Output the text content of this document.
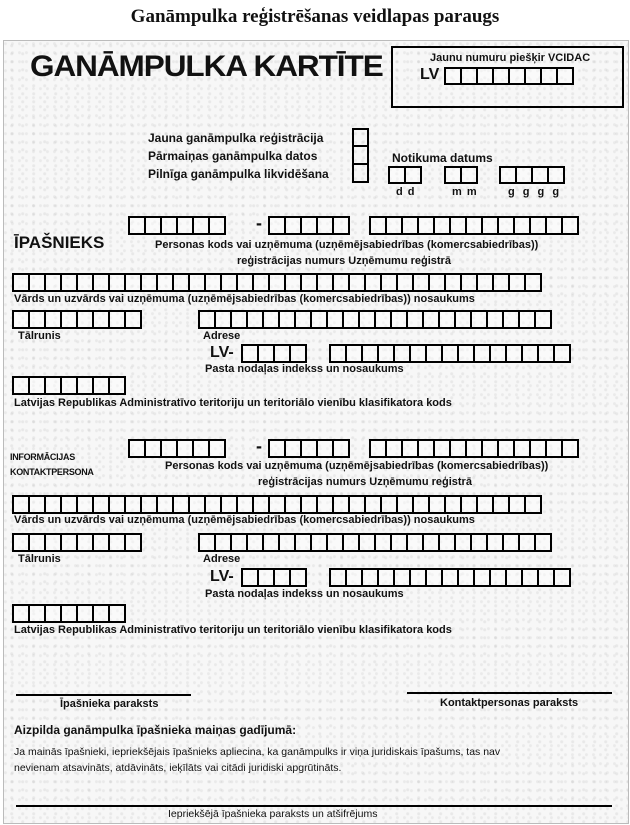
Ganāmpulka reģistrēšanas veidlapas paraugs
GANĀMPULKA KARTĪTE	Jaunu numuru piešķir VCIDAC
LV
Jauna ganāmpulka reģistrācija
Pārmaiņas ganāmpulka datos
Pilnīga ganāmpulka likvidēšana
Notikuma datums
d d	m m	g g g g
-
ĪPAŠNIEKS	Personas kods vai uzņēmuma (uzņēmējsabiedrības (komercsabiedrības))
reģistrācijas numurs Uzņēmumu reģistrā
Vārds un uzvārds vai uzņēmuma (uzņēmējsabiedrības (komercsabiedrības)) nosaukums
Tālrunis	Adrese
LV-
Pasta nodaļas indekss un nosaukums
Latvijas Republikas Administratīvo teritoriju un teritoriālo vienību klasifikatora kods
INFORMĀCIJAS
KONTAKTPERSONA
-
Personas kods vai uzņēmuma (uzņēmējsabiedrības (komercsabiedrības))
reģistrācijas numurs Uzņēmumu reģistrā
Vārds un uzvārds vai uzņēmuma (uzņēmējsabiedrības (komercsabiedrības)) nosaukums
Tālrunis	Adrese
LV-
Pasta nodaļas indekss un nosaukums
Latvijas Republikas Administratīvo teritoriju un teritoriālo vienību klasifikatora kods
Īpašnieka paraksts	Kontaktpersonas paraksts
Aizpilda ganāmpulka īpašnieka maiņas gadījumā:
Ja mainās īpašnieki, iepriekšējais īpašnieks apliecina, ka ganāmpulks ir viņa juridiskais īpašums, tas nav
nevienam atsavināts, atdāvināts, ieķīlāts vai citādi juridiski apgrūtināts.
Iepriekšējā īpašnieka paraksts un atšifrējums
